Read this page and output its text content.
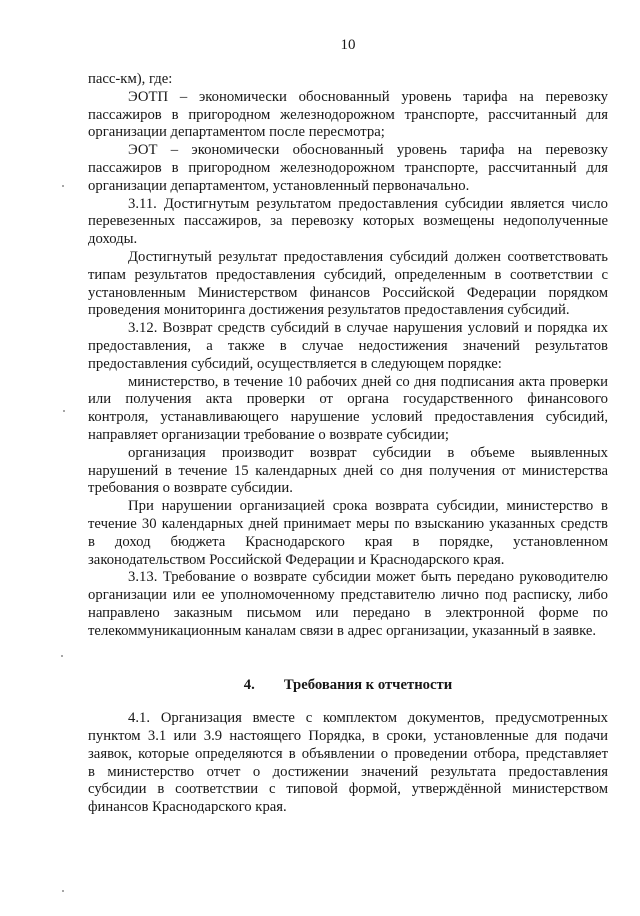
10
пасс-км), где:
ЭОТП – экономически обоснованный уровень тарифа на перевозку
пассажиров в пригородном железнодорожном транспорте, рассчитанный для
организации департаментом после пересмотра;
ЭОТ – экономически обоснованный уровень тарифа на перевозку
пассажиров в пригородном железнодорожном транспорте, рассчитанный для
организации департаментом, установленный первоначально.
3.11. Достигнутым результатом предоставления субсидии является число
перевезенных пассажиров, за перевозку которых возмещены недополученные
доходы.
Достигнутый результат предоставления субсидий должен соответствовать
типам результатов предоставления субсидий, определенным в соответствии с
установленным Министерством финансов Российской Федерации порядком
проведения мониторинга достижения результатов предоставления субсидий.
3.12. Возврат средств субсидий в случае нарушения условий и порядка их
предоставления, а также в случае недостижения значений результатов
предоставления субсидий, осуществляется в следующем порядке:
министерство, в течение 10 рабочих дней со дня подписания акта проверки
или получения акта проверки от органа государственного финансового
контроля, устанавливающего нарушение условий предоставления субсидий,
направляет организации требование о возврате субсидии;
организация производит возврат субсидии в объеме выявленных
нарушений в течение 15 календарных дней со дня получения от министерства
требования о возврате субсидии.
При нарушении организацией срока возврата субсидии, министерство в
течение 30 календарных дней принимает меры по взысканию указанных средств
в доход бюджета Краснодарского края в порядке, установленном
законодательством Российской Федерации и Краснодарского края.
3.13. Требование о возврате субсидии может быть передано руководителю
организации или ее уполномоченному представителю лично под расписку, либо
направлено заказным письмом или передано в электронной форме по
телекоммуникационным каналам связи в адрес организации, указанный в заявке.
4. Требования к отчетности
4.1. Организация вместе с комплектом документов, предусмотренных
пунктом 3.1 или 3.9 настоящего Порядка, в сроки, установленные для подачи
заявок, которые определяются в объявлении о проведении отбора, представляет
в министерство отчет о достижении значений результата предоставления
субсидии в соответствии с типовой формой, утверждённой министерством
финансов Краснодарского края.
